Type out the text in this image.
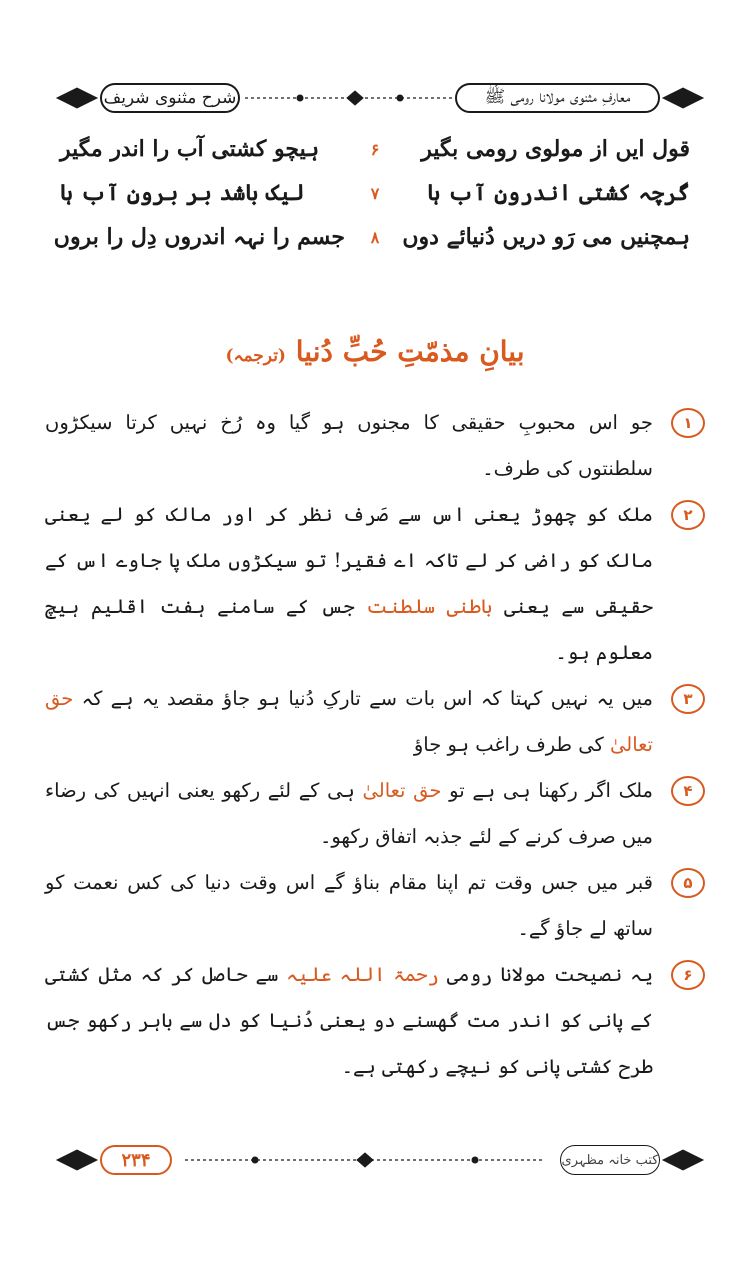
معارفِ مثنوی مولانا رومی ﷺ
شرح مثنوی شریف
قول ایں از مولوی رومی بگیر
۶
ہیچو کشتی آب را اندر مگیر
گرچہ کشتی اندرونِ آب ہا
۷
لیک باشد بر برونِ آب ہا
ہمچنیں می رَو دریں دُنیائے دوں
۸
جسم را نہہ اندروں دِل را بروں
بیانِ مذمّتِ حُبِّ دُنیا (ترجمہ)
۱
جو اس محبوبِ حقیقی کا مجنوں ہو گیا وہ رُخ نہیں کرتا سیکڑوں سلطنتوں کی طرف۔
۲
ملک کو چھوڑ یعنی اس سے صَرف نظر کر اور مالک کو لے یعنی مالک کو راضی کر لے تاکہ اے فقیر! تو سیکڑوں ملک پا جاوے اس کے حقیقی سے یعنی باطنی سلطنت جس کے سامنے ہفت اقلیم ہیچ معلوم ہو۔
۳
میں یہ نہیں کہتا کہ اس بات سے تارکِ دُنیا ہو جاؤ مقصد یہ ہے کہ حق تعالیٰ کی طرف راغب ہو جاؤ
۴
ملک اگر رکھنا ہی ہے تو حق تعالیٰ ہی کے لئے رکھو یعنی انہیں کی رضاء میں صرف کرنے کے لئے جذبہ اتفاق رکھو۔
۵
قبر میں جس وقت تم اپنا مقام بناؤ گے اس وقت دنیا کی کس نعمت کو ساتھ لے جاؤ گے۔
۶
یہ نصیحت مولانا رومی رحمۃ اللہ علیہ سے حاصل کر کہ مثل کشتی کے پانی کو اندر مت گھسنے دو یعنی دُنیا کو دل سے باہر رکھو جس طرح کشتی پانی کو نیچے رکھتی ہے۔
۲۳۴	کتب خانہ مظہری
